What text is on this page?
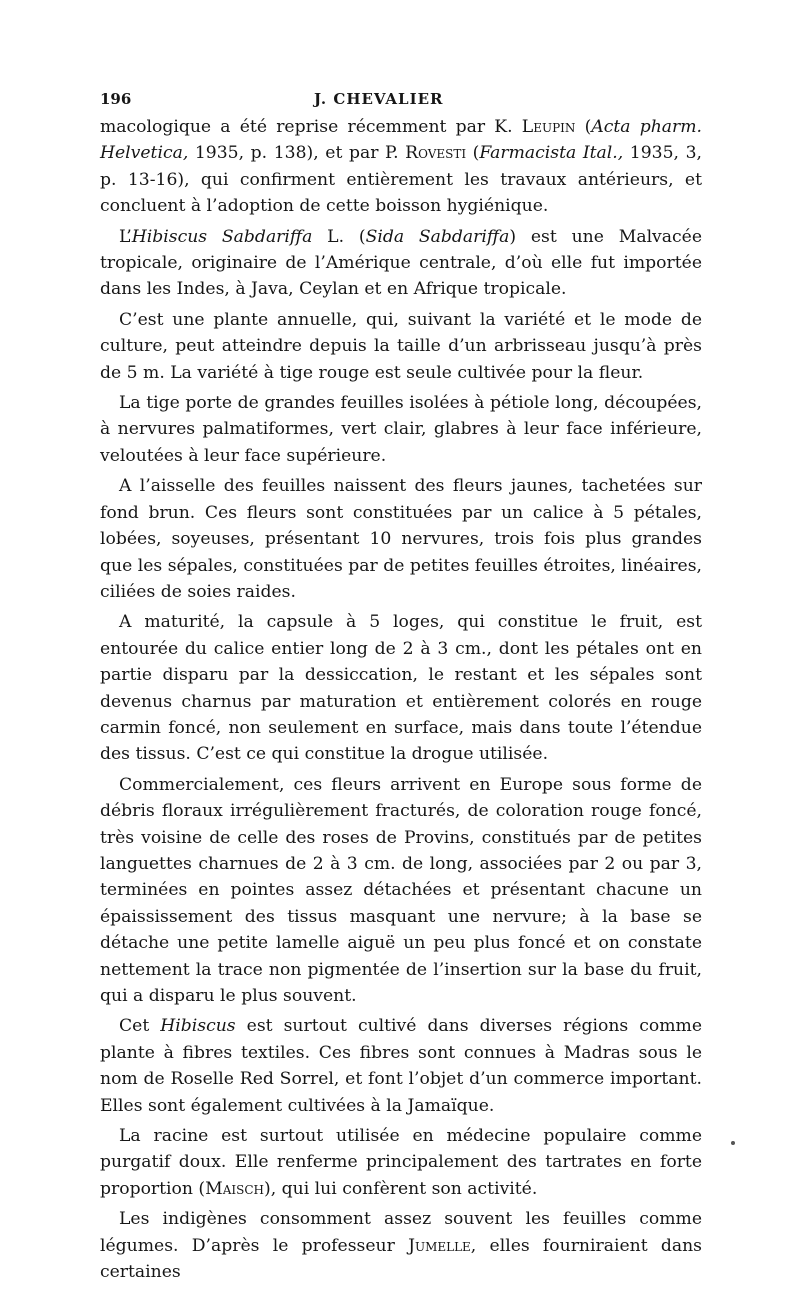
196	J. CHEVALIER

macologique a été reprise récemment par K. Leupin (Acta pharm. Helvetica, 1935, p. 138), et par P. Rovesti (Farmacista Ital., 1935, 3, p. 13-16), qui confirment entièrement les travaux antérieurs, et concluent à l’adoption de cette boisson hygiénique.

L’Hibiscus Sabdariffa L. (Sida Sabdariffa) est une Malvacée tropicale, originaire de l’Amérique centrale, d’où elle fut importée dans les Indes, à Java, Ceylan et en Afrique tropicale.

C’est une plante annuelle, qui, suivant la variété et le mode de culture, peut atteindre depuis la taille d’un arbrisseau jusqu’à près de 5 m. La variété à tige rouge est seule cultivée pour la fleur.

La tige porte de grandes feuilles isolées à pétiole long, découpées, à nervures palmatiformes, vert clair, glabres à leur face inférieure, veloutées à leur face supérieure.

A l’aisselle des feuilles naissent des fleurs jaunes, tachetées sur fond brun. Ces fleurs sont constituées par un calice à 5 pétales, lobées, soyeuses, présentant 10 nervures, trois fois plus grandes que les sépales, constituées par de petites feuilles étroites, linéaires, ciliées de soies raides.

A maturité, la capsule à 5 loges, qui constitue le fruit, est entourée du calice entier long de 2 à 3 cm., dont les pétales ont en partie disparu par la dessiccation, le restant et les sépales sont devenus charnus par maturation et entièrement colorés en rouge carmin foncé, non seulement en surface, mais dans toute l’étendue des tissus. C’est ce qui constitue la drogue utilisée.

Commercialement, ces fleurs arrivent en Europe sous forme de débris floraux irrégulièrement fracturés, de coloration rouge foncé, très voisine de celle des roses de Provins, constitués par de petites languettes charnues de 2 à 3 cm. de long, associées par 2 ou par 3, terminées en pointes assez détachées et présentant chacune un épaississement des tissus masquant une nervure; à la base se détache une petite lamelle aiguë un peu plus foncé et on constate nettement la trace non pigmentée de l’insertion sur la base du fruit, qui a disparu le plus souvent.

Cet Hibiscus est surtout cultivé dans diverses régions comme plante à fibres textiles. Ces fibres sont connues à Madras sous le nom de Roselle Red Sorrel, et font l’objet d’un commerce important. Elles sont également cultivées à la Jamaïque.

La racine est surtout utilisée en médecine populaire comme purgatif doux. Elle renferme principalement des tartrates en forte proportion (Maisch), qui lui confèrent son activité.

Les indigènes consomment assez souvent les feuilles comme légumes. D’après le professeur Jumelle, elles fourniraient dans certaines
